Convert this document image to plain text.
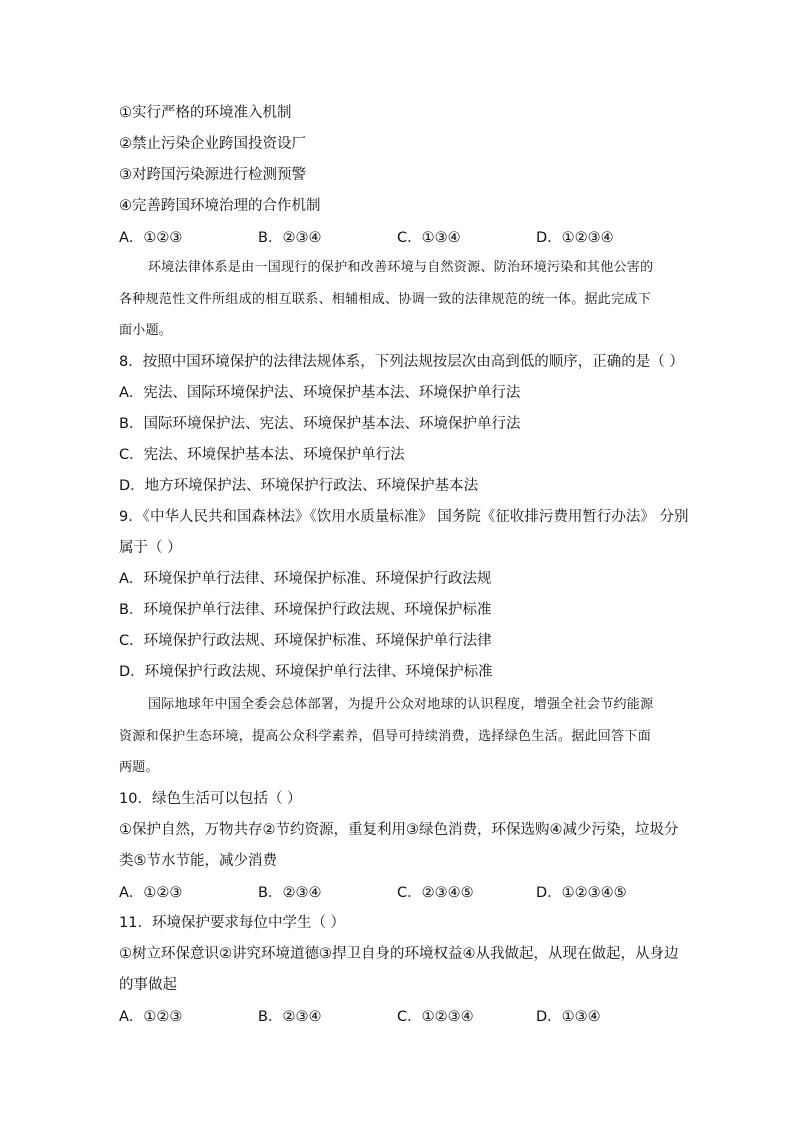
①实行严格的环境准入机制

②禁止污染企业跨国投资设厂

③对跨国污染源进行检测预警

④完善跨国环境治理的合作机制

A．①②③	B．②③④	C．①③④	D．①②③④

环境法律体系是由一国现行的保护和改善环境与自然资源、防治环境污染和其他公害的

各种规范性文件所组成的相互联系、相辅相成、协调一致的法律规范的统一体。据此完成下

面小题。

8．按照中国环境保护的法律法规体系，下列法规按层次由高到低的顺序，正确的是（ ）

A．宪法、国际环境保护法、环境保护基本法、环境保护单行法

B．国际环境保护法、宪法、环境保护基本法、环境保护单行法

C．宪法、环境保护基本法、环境保护单行法

D．地方环境保护法、环境保护行政法、环境保护基本法

9．《中华人民共和国森林法》《饮用水质量标准》 国务院《征收排污费用暂行办法》 分别

属于（ ）

A．环境保护单行法律、环境保护标准、环境保护行政法规

B．环境保护单行法律、环境保护行政法规、环境保护标准

C．环境保护行政法规、环境保护标准、环境保护单行法律

D．环境保护行政法规、环境保护单行法律、环境保护标准

国际地球年中国全委会总体部署，为提升公众对地球的认识程度，增强全社会节约能源

资源和保护生态环境，提高公众科学素养，倡导可持续消费，选择绿色生活。据此回答下面

两题。

10．绿色生活可以包括（ ）

①保护自然，万物共存②节约资源，重复利用③绿色消费，环保选购④减少污染，垃圾分

类⑤节水节能，减少消费

A．①②③	B．②③④	C．②③④⑤	D．①②③④⑤

11．环境保护要求每位中学生（ ）

①树立环保意识②讲究环境道德③捍卫自身的环境权益④从我做起，从现在做起，从身边

的事做起

A．①②③	B．②③④	C．①②③④	D．①③④
